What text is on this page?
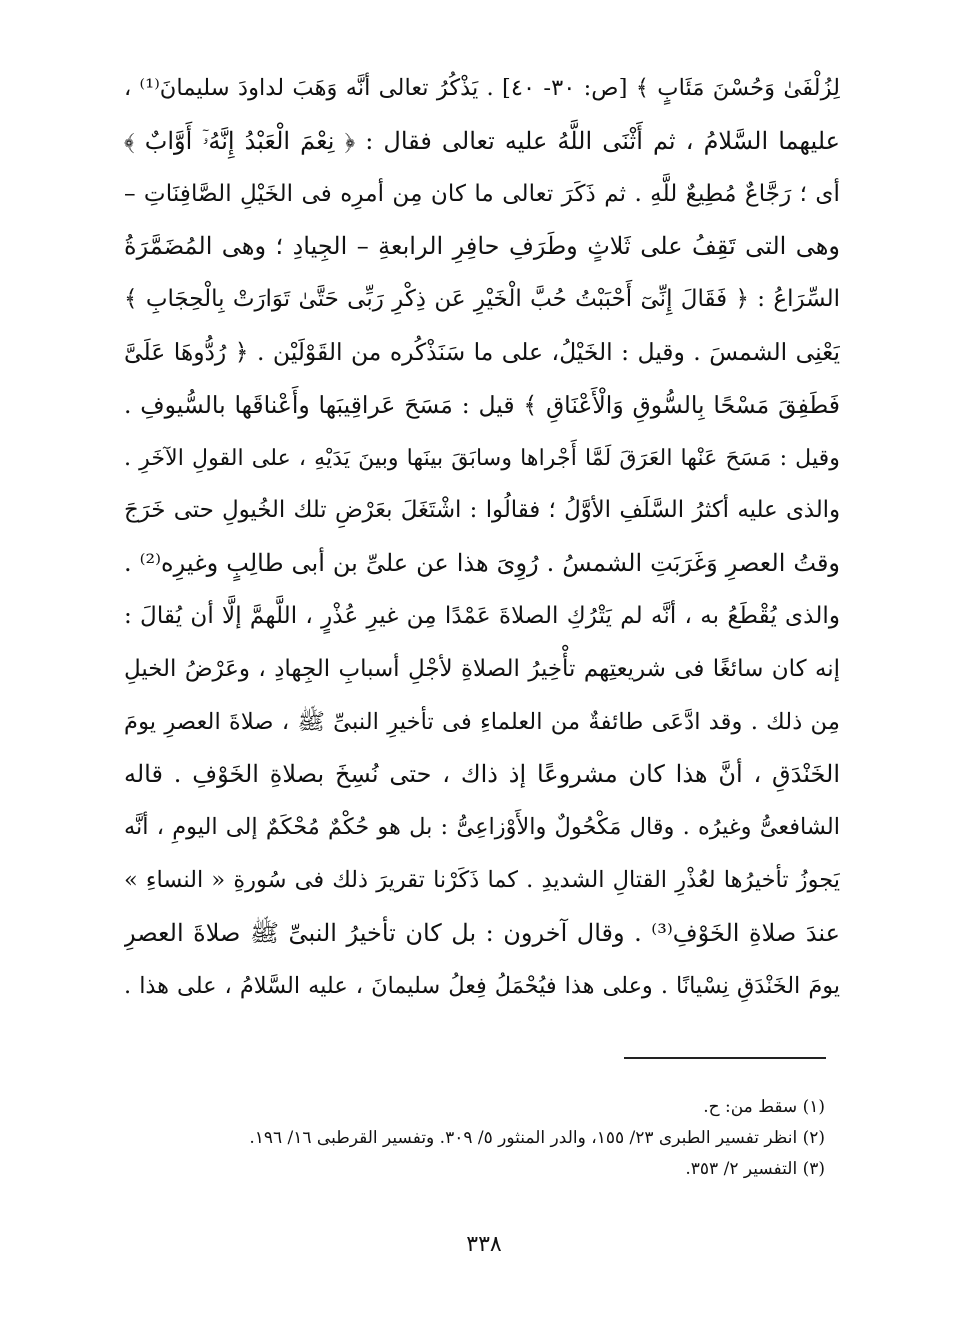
لِزُلْفَىٰ وَحُسْنَ مَئَابٍ ﴾ [ص: ٣٠- ٤٠] . يَذْكُرُ تعالى أنَّه وَهَبَ لداودَ سليمانَ⁽¹⁾ ،
عليهما السَّلامُ ، ثم أَثْنَى اللَّهُ عليه تعالى فقال : ﴿ نِعْمَ الْعَبْدُ إِنَّهُۥٓ أَوَّابٌ ﴾
أى ؛ رَجَّاعٌ مُطِيعٌ للَّهِ . ثم ذَكَرَ تعالى ما كان مِن أمرِه فى الخَيْلِ الصَّافِنَاتِ –
وهى التى تَقِفُ على ثَلاثٍ وطَرَفِ حافِرِ الرابعةِ – الجِيادِ ؛ وهى المُضَمَّرَةُ
السِّرَاعُ : ﴿ فَقَالَ إِنِّىٓ أَحْبَبْتُ حُبَّ الْخَيْرِ عَن ذِكْرِ رَبِّى حَتَّىٰ تَوَارَتْ بِالْحِجَابِ ﴾
يَعْنِى الشمسَ . وقيل : الخَيْلُ، على ما سَنَذْكُره من القَوْلَيْن . ﴿ رُدُّوهَا عَلَىَّ
فَطَفِقَ مَسْحًا بِالسُّوقِ وَالْأَعْنَاقِ ﴾ قيل : مَسَحَ عَراقِيبَها وأَعْناقَها بالسُّيوفِ .
وقيل : مَسَحَ عَنْها العَرَقَ لَمَّا أَجْراها وسابَقَ بينَها وبينَ يَدَيْهِ ، على القولِ الآخَرِ .
والذى عليه أكثرُ السَّلَفِ الأوَّلُ ؛ فقالُوا : اشْتَغَلَ بعَرْضِ تلك الخُيولِ حتى خَرَجَ
وقتُ العصرِ وَغَرَبَتِ الشمسُ . رُوِىَ هذا عن علىِّ بن أبى طالِبٍ وغيرِه⁽²⁾ .
والذى يُقْطَعُ به ، أنَّه لم يَتْرُكِ الصلاةَ عَمْدًا مِن غيرِ عُذْرٍ ، اللَّهمَّ إلَّا أن يُقالَ :
إنه كان سائغًا فى شريعتِهم تأْخِيرُ الصلاةِ لأجْلِ أسبابِ الجِهادِ ، وعَرْضُ الخيلِ
مِن ذلك . وقد ادَّعَى طائفةٌ من العلماءِ فى تأخيرِ النبىِّ ﷺ ، صلاةَ العصرِ يومَ
الخَنْدَقِ ، أنَّ هذا كان مشروعًا إذ ذاك ، حتى نُسِخَ بصلاةِ الخَوْفِ . قاله
الشافعىُّ وغيرُه . وقال مَكْحُولٌ والأَوْزاعِىُّ : بل هو حُكْمٌ مُحْكَمٌ إلى اليومِ ، أنَّه
يَجوزُ تأخيرُها لعُذْرِ القتالِ الشديدِ . كما ذَكَرْنا تقريرَ ذلك فى سُورةِ « النساءِ »
عندَ صلاةِ الخَوْفِ⁽³⁾ . وقال آخرون : بل كان تأخيرُ النبىِّ ﷺ صلاةَ العصرِ
يومَ الخَنْدَقِ نِسْيانًا . وعلى هذا فيُحْمَلُ فِعلُ سليمانَ ، عليه السَّلامُ ، على هذا .
(١) سقط من: ح.
(٢) انظر تفسير الطبرى ٢٣/ ١٥٥، والدر المنثور ٥/ ٣٠٩. وتفسير القرطبى ١٦/ ١٩٦.
(٣) التفسير ٢/ ٣٥٣.
٣٣٨
